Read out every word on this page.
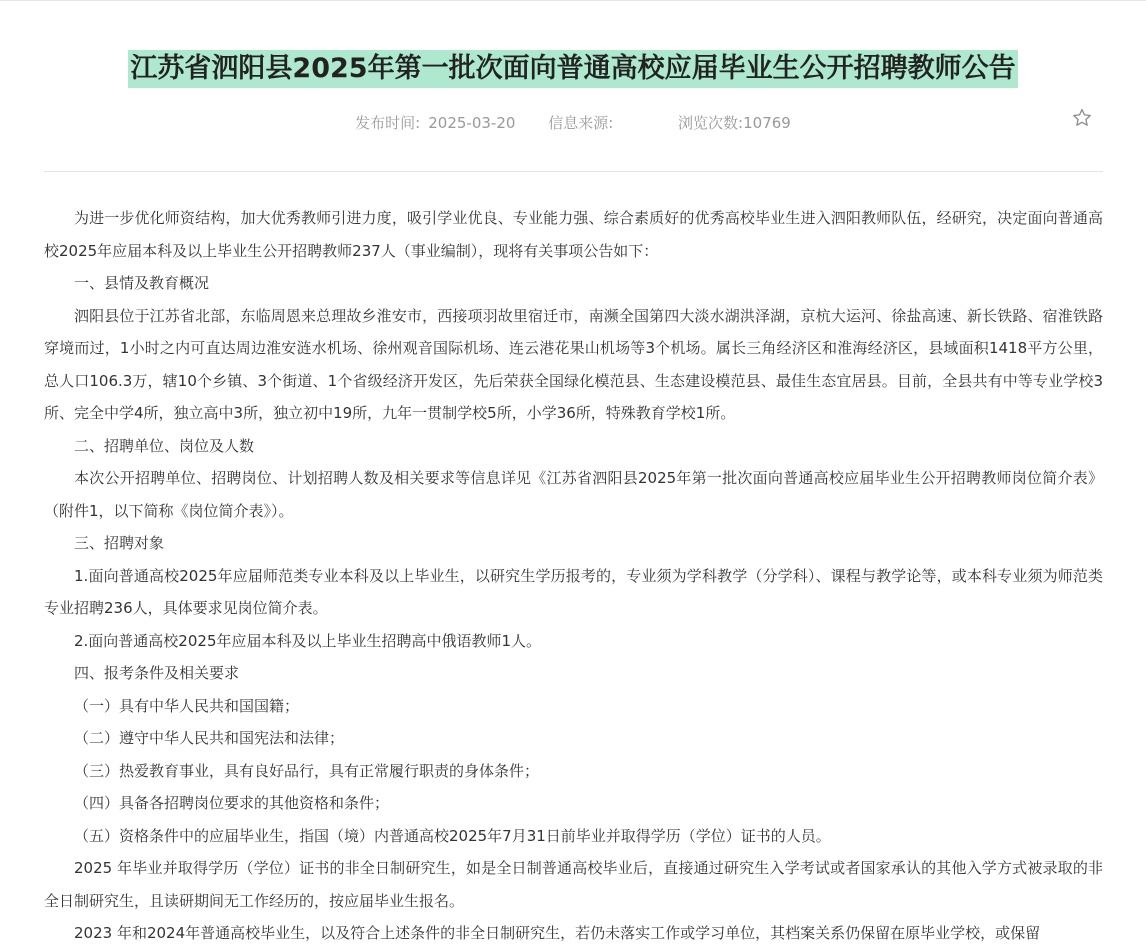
江苏省泗阳县2025年第一批次面向普通高校应届毕业生公开招聘教师公告
发布时间: 2025-03-20 信息来源:	浏览次数:10769

为进一步优化师资结构，加大优秀教师引进力度，吸引学业优良、专业能力强、综合素质好的优秀高校毕业生进入泗阳教师队伍，经研究，决定面向普通高校2025年应届本科及以上毕业生公开招聘教师237人（事业编制），现将有关事项公告如下：

一、县情及教育概况

泗阳县位于江苏省北部，东临周恩来总理故乡淮安市，西接项羽故里宿迁市，南濒全国第四大淡水湖洪泽湖，京杭大运河、徐盐高速、新长铁路、宿淮铁路穿境而过，1小时之内可直达周边淮安涟水机场、徐州观音国际机场、连云港花果山机场等3个机场。属长三角经济区和淮海经济区，县域面积1418平方公里，总人口106.3万，辖10个乡镇、3个街道、1个省级经济开发区，先后荣获全国绿化模范县、生态建设模范县、最佳生态宜居县。目前，全县共有中等专业学校3所、完全中学4所，独立高中3所，独立初中19所，九年一贯制学校5所，小学36所，特殊教育学校1所。

二、招聘单位、岗位及人数

本次公开招聘单位、招聘岗位、计划招聘人数及相关要求等信息详见《江苏省泗阳县2025年第一批次面向普通高校应届毕业生公开招聘教师岗位简介表》（附件1，以下简称《岗位简介表》）。

三、招聘对象

1.面向普通高校2025年应届师范类专业本科及以上毕业生，以研究生学历报考的，专业须为学科教学（分学科）、课程与教学论等，或本科专业须为师范类专业招聘236人，具体要求见岗位简介表。

2.面向普通高校2025年应届本科及以上毕业生招聘高中俄语教师1人。

四、报考条件及相关要求

（一）具有中华人民共和国国籍；

（二）遵守中华人民共和国宪法和法律；

（三）热爱教育事业，具有良好品行，具有正常履行职责的身体条件；

（四）具备各招聘岗位要求的其他资格和条件；

（五）资格条件中的应届毕业生，指国（境）内普通高校2025年7月31日前毕业并取得学历（学位）证书的人员。

2025 年毕业并取得学历（学位）证书的非全日制研究生，如是全日制普通高校毕业后，直接通过研究生入学考试或者国家承认的其他入学方式被录取的非全日制研究生，且读研期间无工作经历的，按应届毕业生报名。

2023 年和2024年普通高校毕业生，以及符合上述条件的非全日制研究生，若仍未落实工作或学习单位，其档案关系仍保留在原毕业学校，或保留
